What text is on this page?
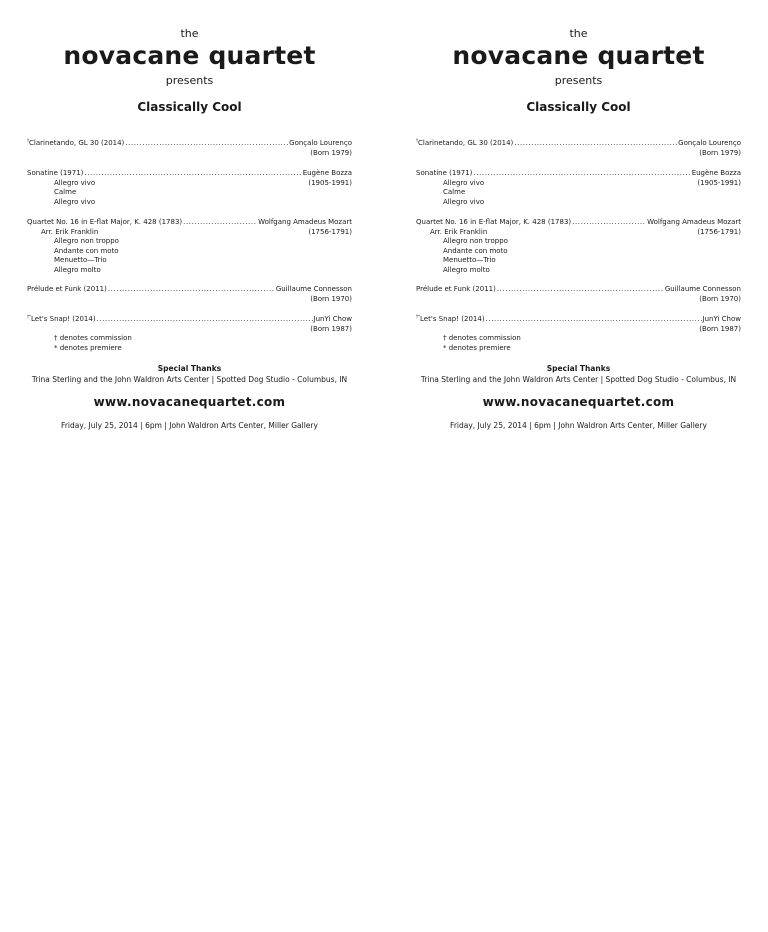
the
novacane quartet
presents
Classically Cool
†Clarinetando, GL 30 (2014) .....	Gonçalo Lourenço
(Born 1979)
Sonatine (1971) .....	Eugène Bozza
Allegro vivo	(1905-1991)
Calme
Allegro vivo
Quartet No. 16 in E-flat Major, K. 428 (1783) .....	Wolfgang Amadeus Mozart
Arr. Erik Franklin	(1756-1791)
Allegro non troppo
Andante con moto
Menuetto—Trio
Allegro molto
Prélude et Funk (2011) .....	Guillaume Connesson
(Born 1970)
†*Let's Snap! (2014) .....	JunYi Chow
(Born 1987)
† denotes commission
* denotes premiere
Special Thanks
Trina Sterling and the John Waldron Arts Center | Spotted Dog Studio - Columbus, IN
www.novacanequartet.com
Friday, July 25, 2014 | 6pm | John Waldron Arts Center, Miller Gallery
the
novacane quartet
presents
Classically Cool
†Clarinetando, GL 30 (2014) .....	Gonçalo Lourenço
(Born 1979)
Sonatine (1971) .....	Eugène Bozza
Allegro vivo	(1905-1991)
Calme
Allegro vivo
Quartet No. 16 in E-flat Major, K. 428 (1783) .....	Wolfgang Amadeus Mozart
Arr. Erik Franklin	(1756-1791)
Allegro non troppo
Andante con moto
Menuetto—Trio
Allegro molto
Prélude et Funk (2011) .....	Guillaume Connesson
(Born 1970)
†*Let's Snap! (2014) .....	JunYi Chow
(Born 1987)
† denotes commission
* denotes premiere
Special Thanks
Trina Sterling and the John Waldron Arts Center | Spotted Dog Studio - Columbus, IN
www.novacanequartet.com
Friday, July 25, 2014 | 6pm | John Waldron Arts Center, Miller Gallery
